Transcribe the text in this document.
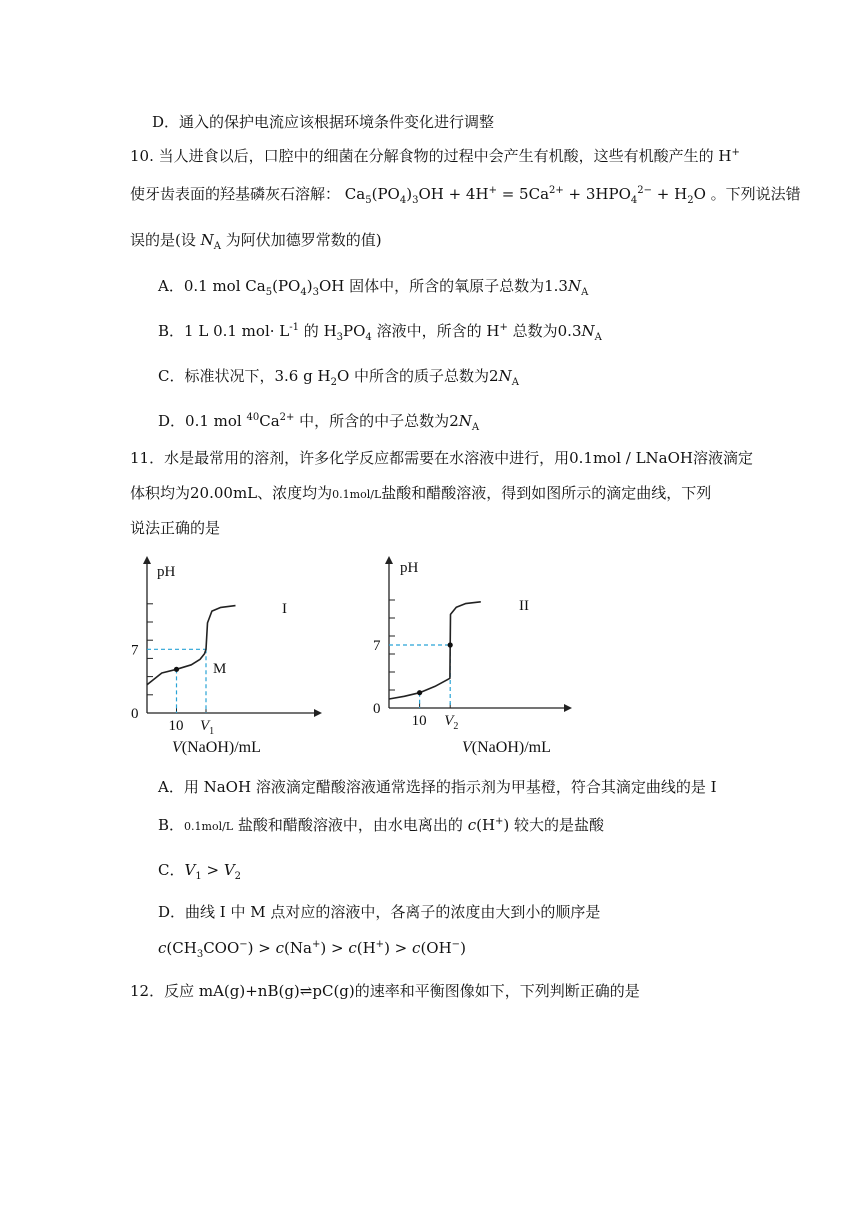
D．通入的保护电流应该根据环境条件变化进行调整
10. 当人进食以后，口腔中的细菌在分解食物的过程中会产生有机酸，这些有机酸产生的 H+
使牙齿表面的羟基磷灰石溶解： $Ca_5(PO_4)_3OH + 4H^+ = 5Ca^{2+} + 3HPO_4^{2-} + H_2O$ 。下列说法错
误的是(设 $N_A$ 为阿伏加德罗常数的值)
A．0.1 mol $Ca_5(PO_4)_3OH$ 固体中，所含的氧原子总数为$1.3N_A$
B．1 L 0.1 $mol\cdot L^{-1}$ 的 $H_3PO_4$ 溶液中，所含的 H+ 总数为$0.3N_A$
C．标准状况下，3.6 g $H_2O$ 中所含的质子总数为$2N_A$
D．0.1 mol $^{40}Ca^{2+}$ 中，所含的中子总数为$2N_A$
11．水是最常用的溶剂，许多化学反应都需要在水溶液中进行，用0.1mol / LNaOH溶液滴定
体积均为20.00mL、浓度均为0.1mol/L盐酸和醋酸溶液，得到如图所示的滴定曲线，下列
说法正确的是
M
pH
7
0
10 $V_1$
I
V(NaOH)/mL
pH
7
0
10 $V_2$
II
V(NaOH)/mL
A．用 NaOH 溶液滴定醋酸溶液通常选择的指示剂为甲基橙，符合其滴定曲线的是 I
B．0.1mol/L 盐酸和醋酸溶液中，由水电离出的 c(H+) 较大的是盐酸
C．$V_1 > V_2$
D．曲线 I 中 M 点对应的溶液中，各离子的浓度由大到小的顺序是
$c(CH_3COO^-) > c(Na^+) > c(H^+) > c(OH^-)$
12．反应 mA(g)+nB(g)⇌pC(g)的速率和平衡图像如下，下列判断正确的是
